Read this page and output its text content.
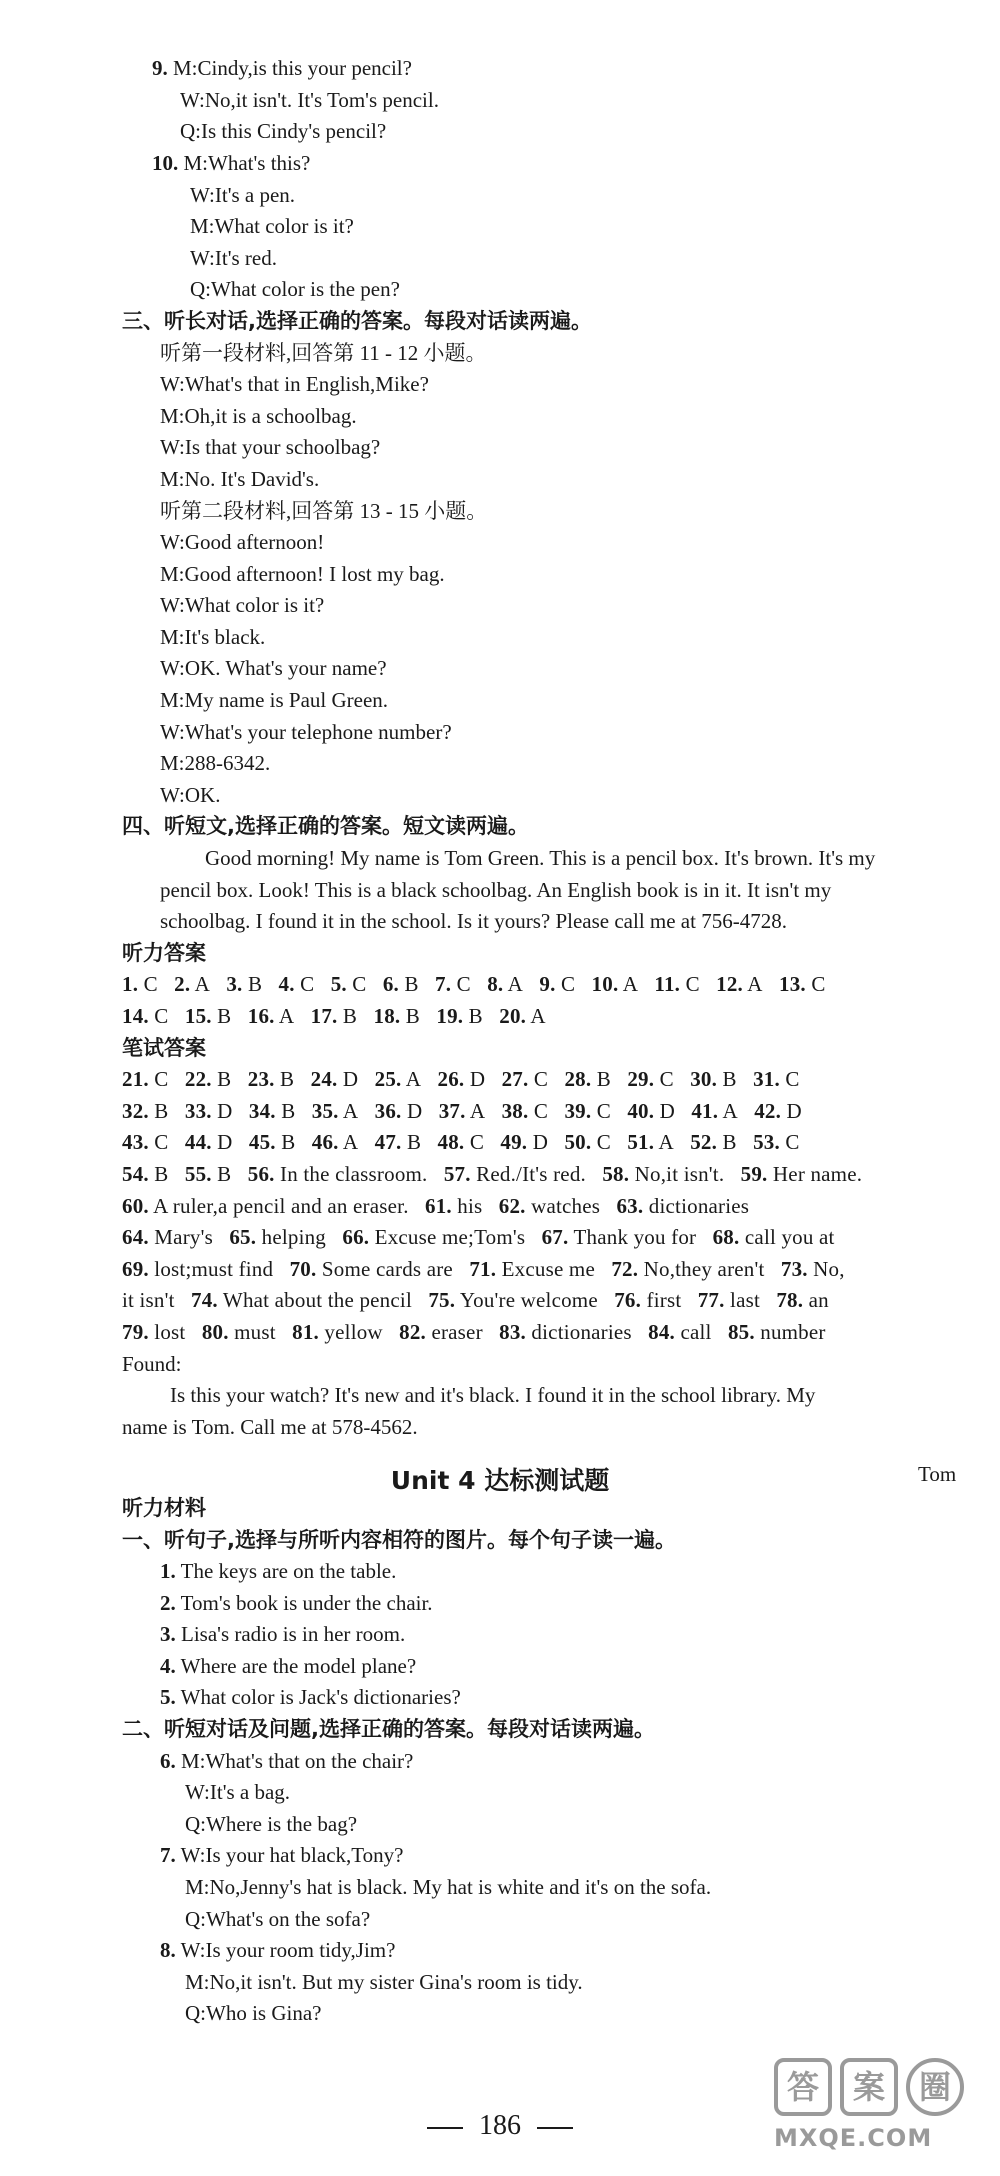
9. M:Cindy,is this your pencil?
W:No,it isn't. It's Tom's pencil.
Q:Is this Cindy's pencil?
10. M:What's this?
W:It's a pen.
M:What color is it?
W:It's red.
Q:What color is the pen?
三、听长对话,选择正确的答案。每段对话读两遍。
听第一段材料,回答第 11 - 12 小题。
W:What's that in English,Mike?
M:Oh,it is a schoolbag.
W:Is that your schoolbag?
M:No. It's David's.
听第二段材料,回答第 13 - 15 小题。
W:Good afternoon!
M:Good afternoon! I lost my bag.
W:What color is it?
M:It's black.
W:OK. What's your name?
M:My name is Paul Green.
W:What's your telephone number?
M:288-6342.
W:OK.
四、听短文,选择正确的答案。短文读两遍。
Good morning! My name is Tom Green. This is a pencil box. It's brown. It's my
pencil box. Look! This is a black schoolbag. An English book is in it. It isn't my
schoolbag. I found it in the school. Is it yours? Please call me at 756-4728.
听力答案
1. C   2. A   3. B   4. C   5. C   6. B   7. C   8. A   9. C   10. A   11. C   12. A   13. C
14. C   15. B   16. A   17. B   18. B   19. B   20. A
笔试答案
21. C   22. B   23. B   24. D   25. A   26. D   27. C   28. B   29. C   30. B   31. C
32. B   33. D   34. B   35. A   36. D   37. A   38. C   39. C   40. D   41. A   42. D
43. C   44. D   45. B   46. A   47. B   48. C   49. D   50. C   51. A   52. B   53. C
54. B   55. B   56. In the classroom.   57. Red./It's red.   58. No,it isn't.   59. Her name.
60. A ruler,a pencil and an eraser.   61. his   62. watches   63. dictionaries
64. Mary's   65. helping   66. Excuse me;Tom's   67. Thank you for   68. call you at
69. lost;must find   70. Some cards are   71. Excuse me   72. No,they aren't   73. No,
it isn't   74. What about the pencil   75. You're welcome   76. first   77. last   78. an
79. lost   80. must   81. yellow   82. eraser   83. dictionaries   84. call   85. number
Found:
Is this your watch? It's new and it's black. I found it in the school library. My
name is Tom. Call me at 578-4562.
Tom
听力材料
一、听句子,选择与所听内容相符的图片。每个句子读一遍。
1. The keys are on the table.
2. Tom's book is under the chair.
3. Lisa's radio is in her room.
4. Where are the model plane?
5. What color is Jack's dictionaries?
二、听短对话及问题,选择正确的答案。每段对话读两遍。
6. M:What's that on the chair?
W:It's a bag.
Q:Where is the bag?
7. W:Is your hat black,Tony?
M:No,Jenny's hat is black. My hat is white and it's on the sofa.
Q:What's on the sofa?
8. W:Is your room tidy,Jim?
M:No,it isn't. But my sister Gina's room is tidy.
Q:Who is Gina?
Unit 4 达标测试题
186
答	案	圈
MXQE.COM
